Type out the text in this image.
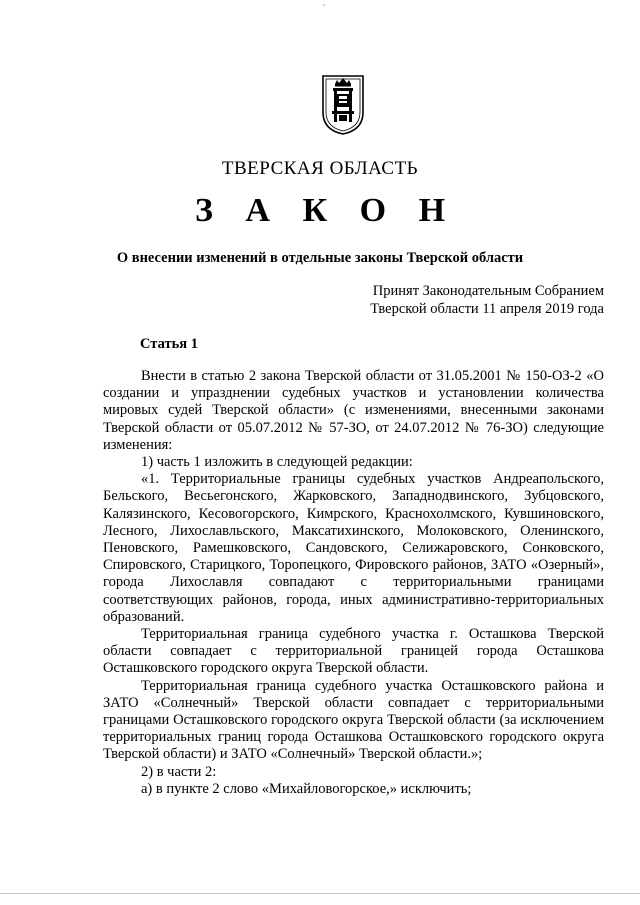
ТВЕРСКАЯ ОБЛАСТЬ
З А К О Н
О внесении изменений в отдельные законы Тверской области
Принят Законодательным Собранием
Тверской области 11 апреля 2019 года
Статья 1

Внести в статью 2 закона Тверской области от 31.05.2001 № 150-ОЗ-2 «О создании и упразднении судебных участков и установлении количества мировых судей Тверской области» (с изменениями, внесенными законами Тверской области от 05.07.2012 № 57-ЗО, от 24.07.2012 № 76-ЗО) следующие изменения:

1) часть 1 изложить в следующей редакции:

«1. Территориальные границы судебных участков Андреапольского, Бельского, Весьегонского, Жарковского, Западнодвинского, Зубцовского, Калязинского, Кесовогорского, Кимрского, Краснохолмского, Кувшиновского, Лесного, Лихославльского, Максатихинского, Молоковского, Оленинского, Пеновского, Рамешковского, Сандовского, Селижаровского, Сонковского, Спировского, Старицкого, Торопецкого, Фировского районов, ЗАТО «Озерный», города Лихославля совпадают с территориальными границами соответствующих районов, города, иных административно-территориальных образований.

Территориальная граница судебного участка г. Осташкова Тверской области совпадает с территориальной границей города Осташкова Осташковского городского округа Тверской области.

Территориальная граница судебного участка Осташковского района и ЗАТО «Солнечный» Тверской области совпадает с территориальными границами Осташковского городского округа Тверской области (за исключением территориальных границ города Осташкова Осташковского городского округа Тверской области) и ЗАТО «Солнечный» Тверской области.»;

2) в части 2:

а) в пункте 2 слово «Михайловогорское,» исключить;
